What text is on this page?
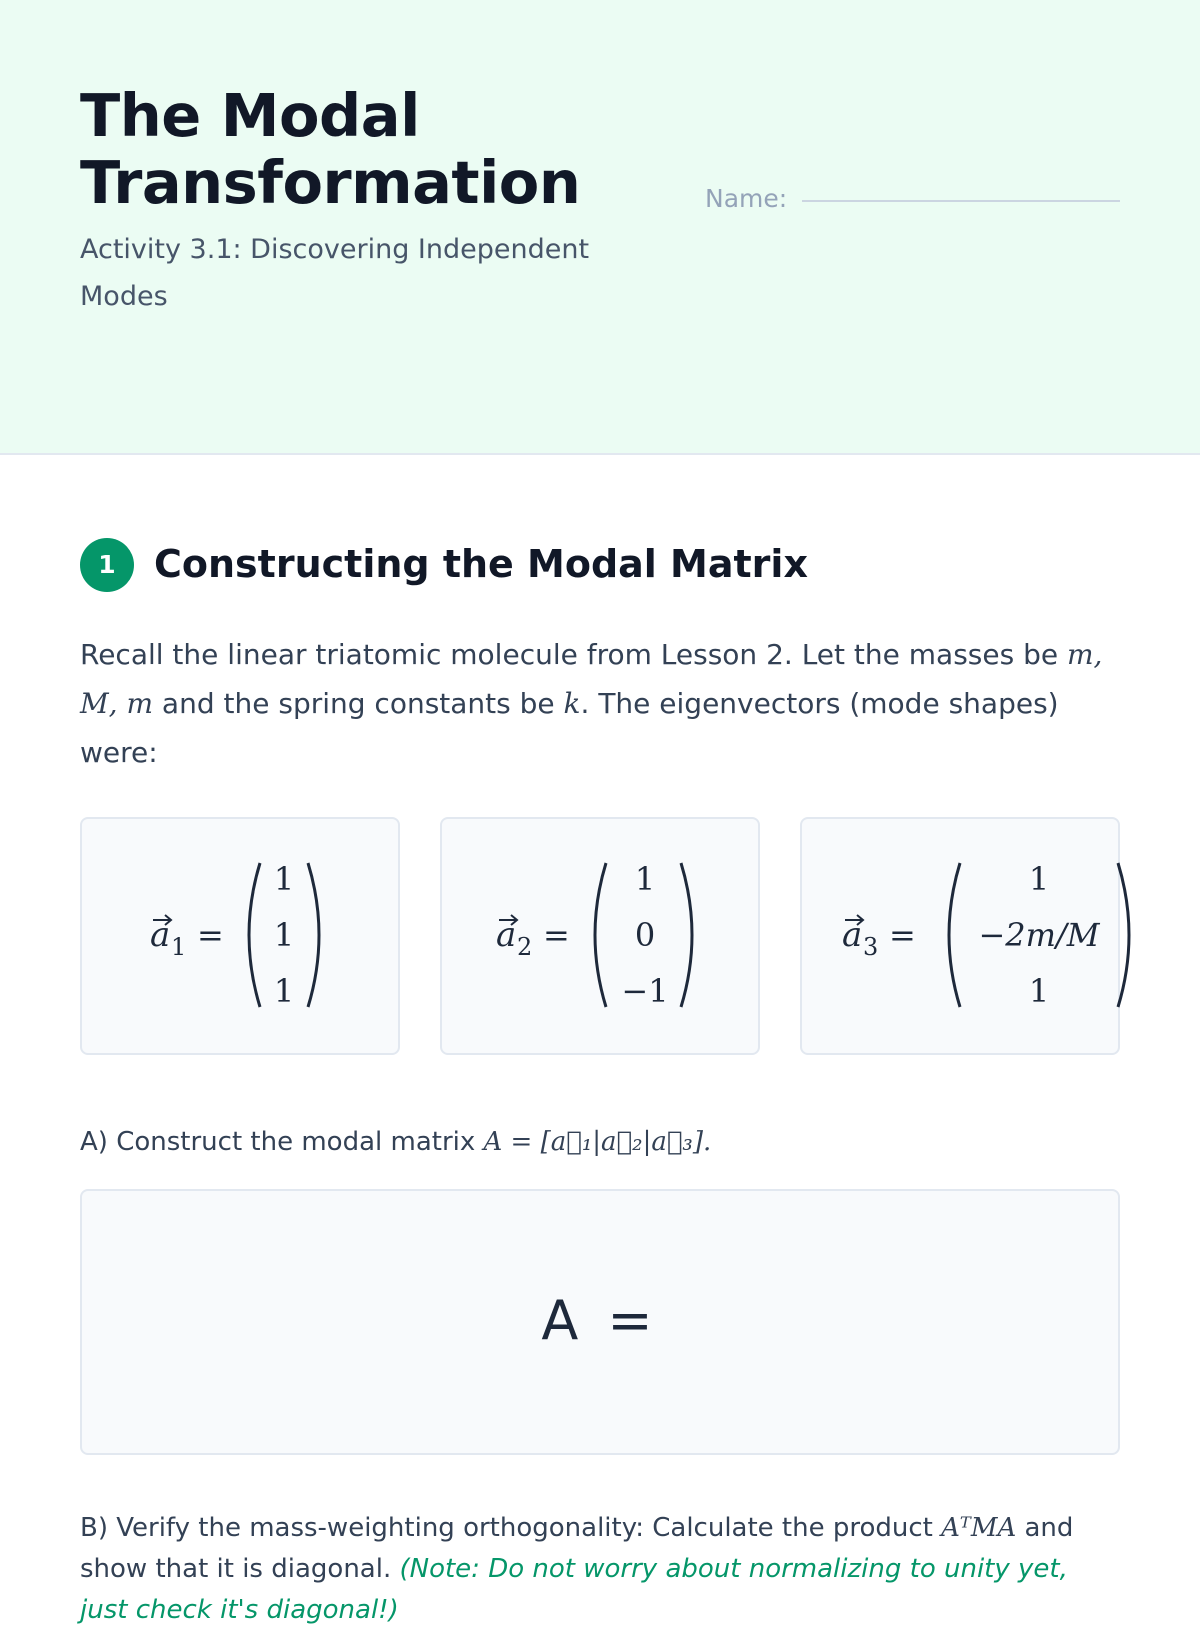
The Modal Transformation
Activity 3.1: Discovering Independent Modes
Name:
1	Constructing the Modal Matrix

Recall the linear triatomic molecule from Lesson 2. Let the masses be m, M, m and the spring constants be k. The eigenvectors (mode shapes) were:

a 1 =
1
1
1
a 2 =
1
0
−1
a 3 =
1
−2m/M
1

A) Construct the modal matrix A = [a⃗₁|a⃗₂|a⃗₃].

A =

B) Verify the mass-weighting orthogonality: Calculate the product AᵀMA and show that it is diagonal. (Note: Do not worry about normalizing to unity yet, just check it's diagonal!)
